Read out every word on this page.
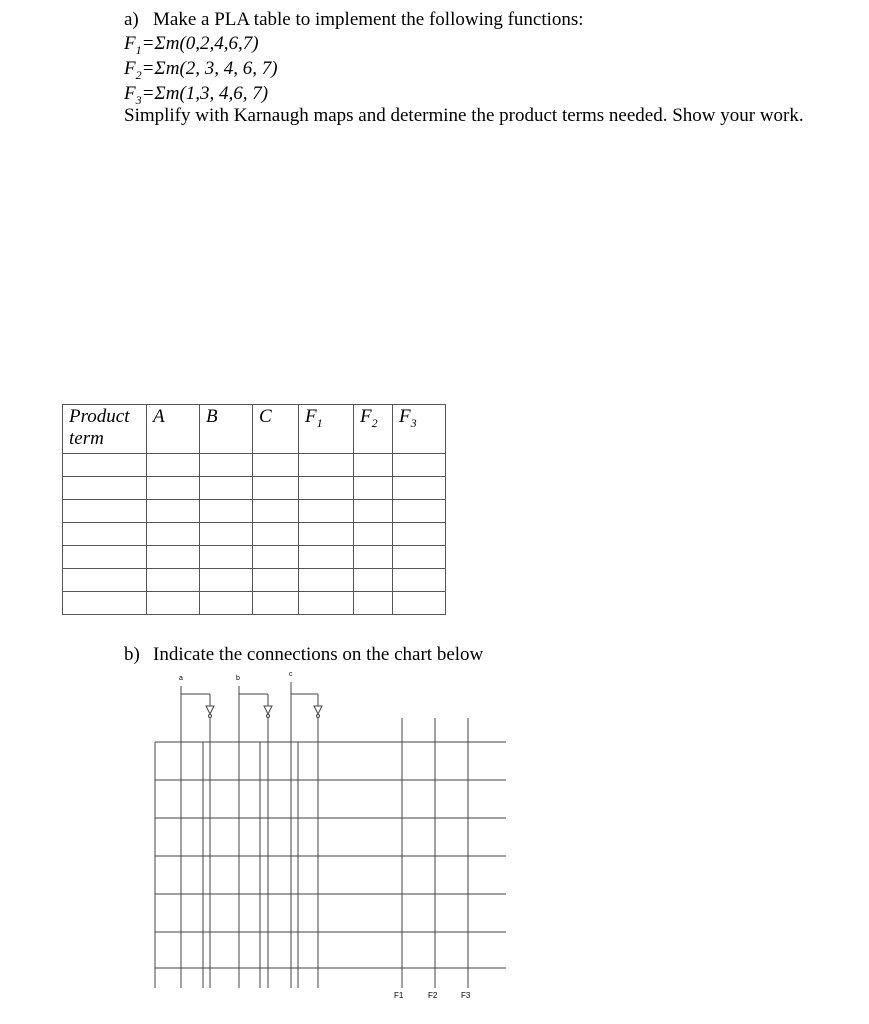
a) Make a PLA table to implement the following functions:
$F_1=\Sigma m(0,2,4,6,7)$
$F_2=\Sigma m(2$, 3, 4, 6, 7)
$F_3=\Sigma m(1,3$, 4,6, 7)
Simplify with Karnaugh maps and determine the product terms needed. Show your work.
Product
term	A	B	C	$F_1$	$F_2$	$F_3$

b) Indicate the connections on the chart below
a	b
c
F1	F2	F3
